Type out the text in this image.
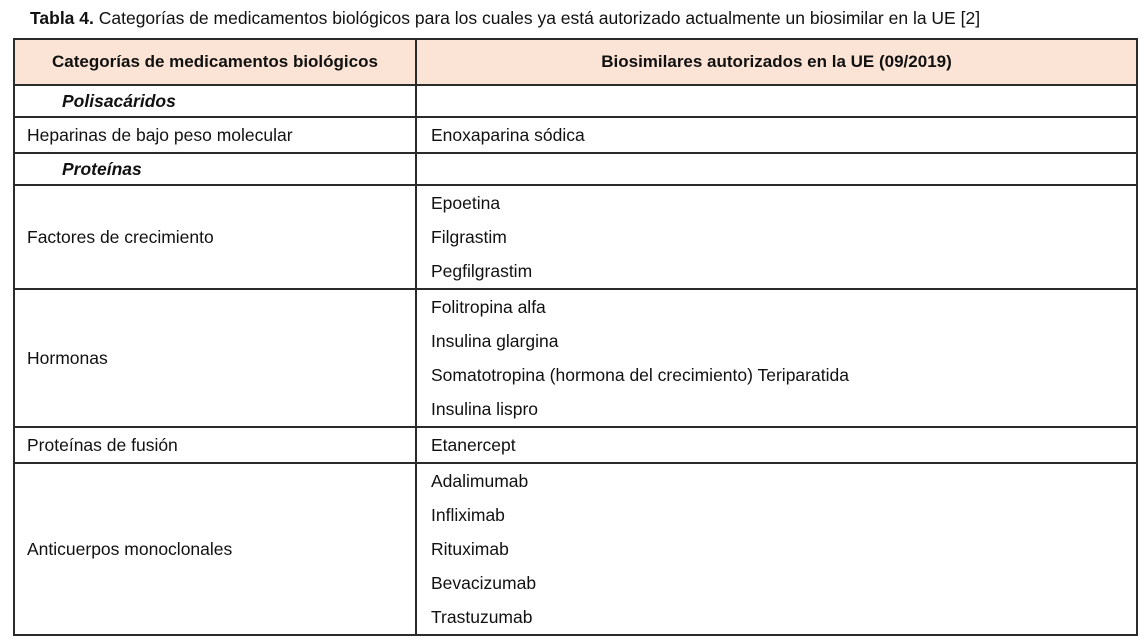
Tabla 4. Categorías de medicamentos biológicos para los cuales ya está autorizado actualmente un biosimilar en la UE [2]
Categorías de medicamentos biológicos	Biosimilares autorizados en la UE (09/2019)
Polisacáridos	
Heparinas de bajo peso molecular	Enoxaparina sódica

Proteínas	
Factores de crecimiento	Epoetina
Filgrastim
Pegfilgrastim

Hormonas	Folitropina alfa
Insulina glargina
Somatotropina (hormona del crecimiento) Teriparatida
Insulina lispro

Proteínas de fusión	Etanercept

Anticuerpos monoclonales	Adalimumab
Infliximab
Rituximab
Bevacizumab
Trastuzumab
